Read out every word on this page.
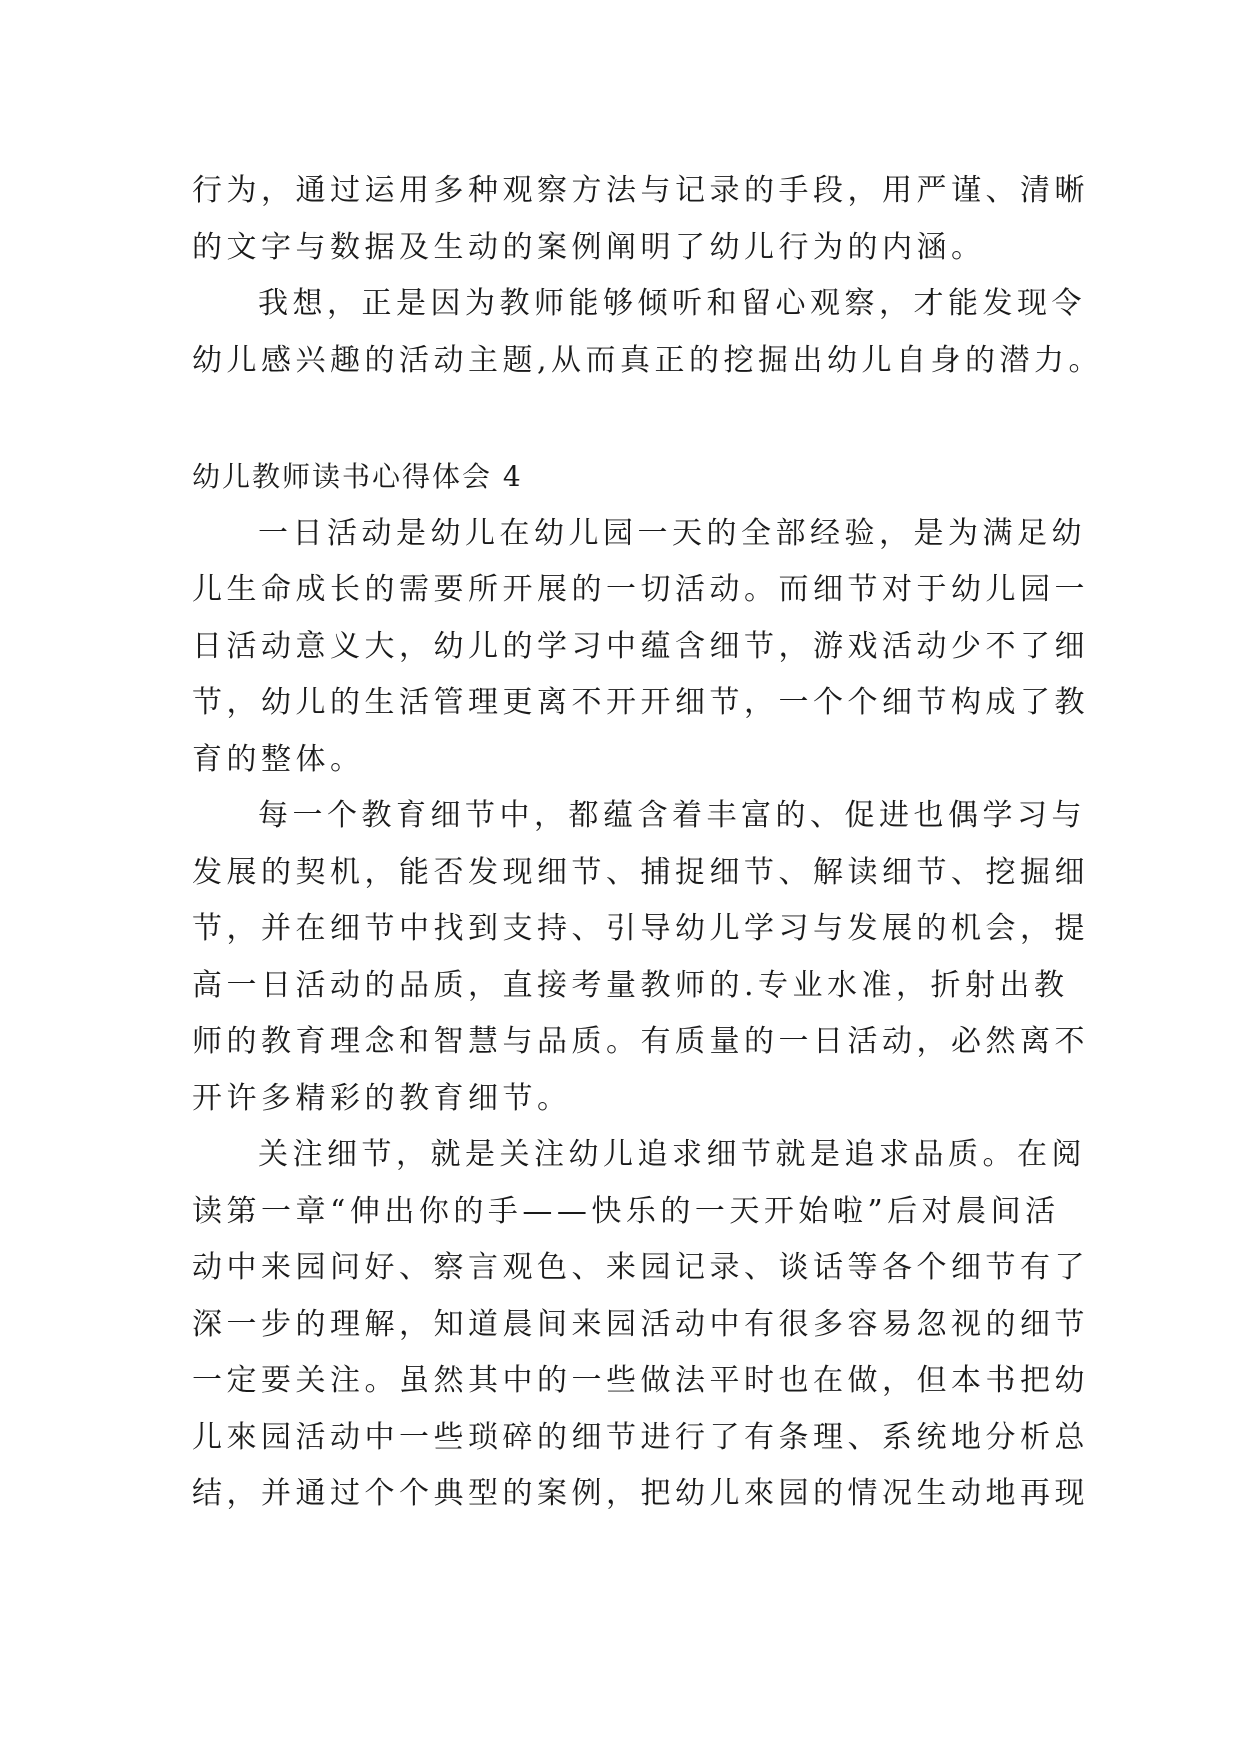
行为，通过运用多种观察方法与记录的手段，用严谨、清晰
的文字与数据及生动的案例阐明了幼儿行为的内涵。
我想，正是因为教师能够倾听和留心观察，才能发现令
幼儿感兴趣的活动主题,从而真正的挖掘出幼儿自身的潜力。
幼儿教师读书心得体会 4
一日活动是幼儿在幼儿园一天的全部经验，是为满足幼
儿生命成长的需要所开展的一切活动。而细节对于幼儿园一
日活动意义大，幼儿的学习中蕴含细节，游戏活动少不了细
节，幼儿的生活管理更离不开开细节，一个个细节构成了教
育的整体。
每一个教育细节中，都蕴含着丰富的、促进也偶学习与
发展的契机，能否发现细节、捕捉细节、解读细节、挖掘细
节，并在细节中找到支持、引导幼儿学习与发展的机会，提
高一日活动的品质，直接考量教师的.专业水准，折射出教
师的教育理念和智慧与品质。有质量的一日活动，必然离不
开许多精彩的教育细节。
关注细节，就是关注幼儿追求细节就是追求品质。在阅
读第一章“伸出你的手——快乐的一天开始啦”后对晨间活
动中来园问好、察言观色、来园记录、谈话等各个细节有了
深一步的理解，知道晨间来园活动中有很多容易忽视的细节
一定要关注。虽然其中的一些做法平时也在做，但本书把幼
儿來园活动中一些琐碎的细节进行了有条理、系统地分析总
结，并通过个个典型的案例，把幼儿來园的情况生动地再现
